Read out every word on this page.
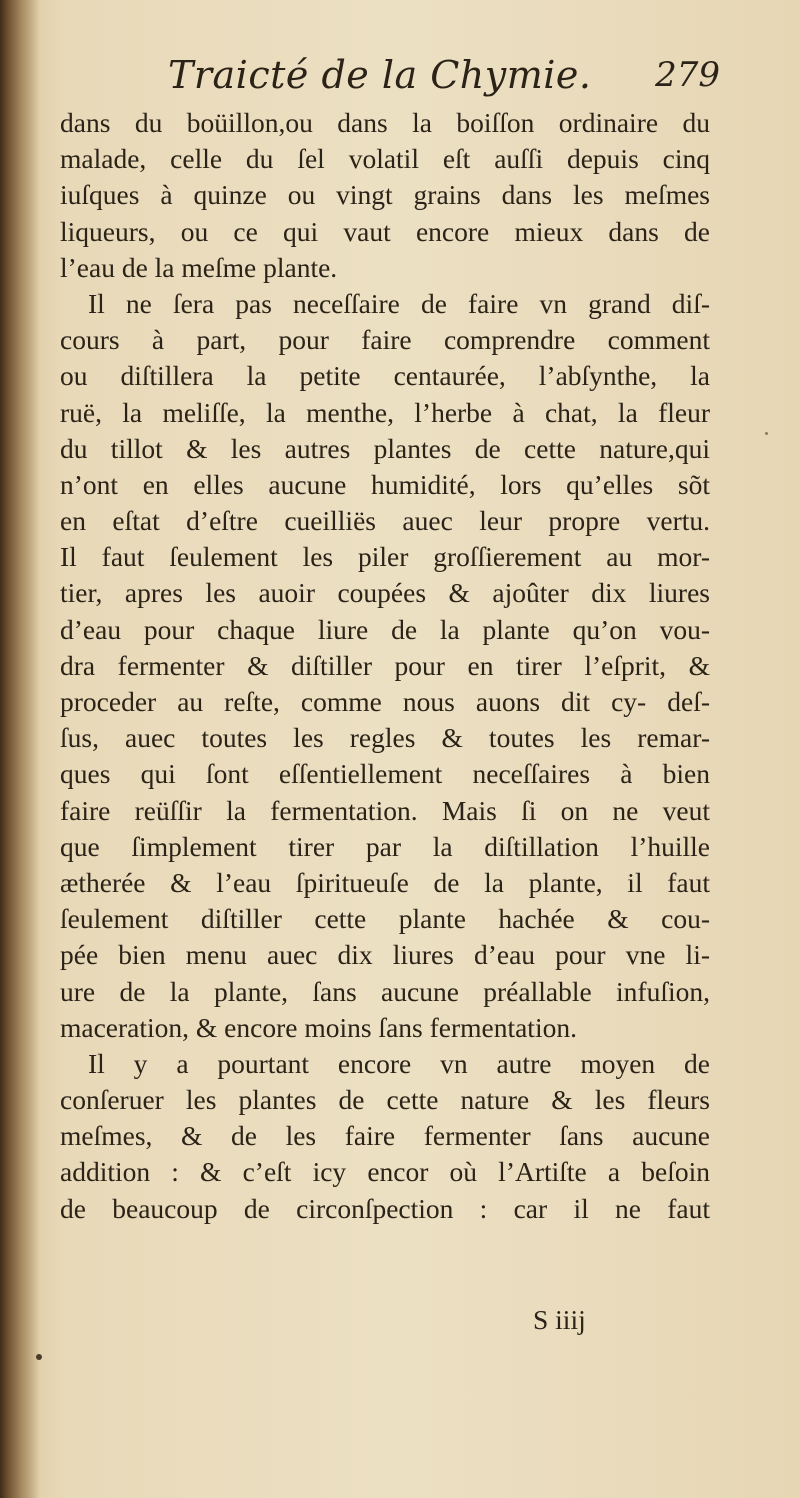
Traicté de la Chymie. 279
dans du boüillon,ou dans la boiſſon ordinaire du
malade, celle du ſel volatil eſt auſſi depuis cinq
iuſques à quinze ou vingt grains dans les meſmes
liqueurs, ou ce qui vaut encore mieux dans de
l’eau de la meſme plante.
Il ne ſera pas neceſſaire de faire vn grand diſ-
cours à part, pour faire comprendre comment
ou diſtillera la petite centaurée, l’abſynthe, la
ruë, la meliſſe, la menthe, l’herbe à chat, la fleur
du tillot & les autres plantes de cette nature,qui
n’ont en elles aucune humidité, lors qu’elles sõt
en eſtat d’eſtre cueilliës auec leur propre vertu.
Il faut ſeulement les piler groſſierement au mor-
tier, apres les auoir coupées & ajoûter dix liures
d’eau pour chaque liure de la plante qu’on vou-
dra fermenter & diſtiller pour en tirer l’eſprit, &
proceder au reſte, comme nous auons dit cy- deſ-
ſus, auec toutes les regles & toutes les remar-
ques qui ſont eſſentiellement neceſſaires à bien
faire reüſſir la fermentation. Mais ſi on ne veut
que ſimplement tirer par la diſtillation l’huille
ætherée & l’eau ſpiritueuſe de la plante, il faut
ſeulement diſtiller cette plante hachée & cou-
pée bien menu auec dix liures d’eau pour vne li-
ure de la plante, ſans aucune préallable infuſion,
maceration, & encore moins ſans fermentation.
Il y a pourtant encore vn autre moyen de
conſeruer les plantes de cette nature & les fleurs
meſmes, & de les faire fermenter ſans aucune
addition : & c’eſt icy encor où l’Artiſte a beſoin
de beaucoup de circonſpection : car il ne faut
S iiij
